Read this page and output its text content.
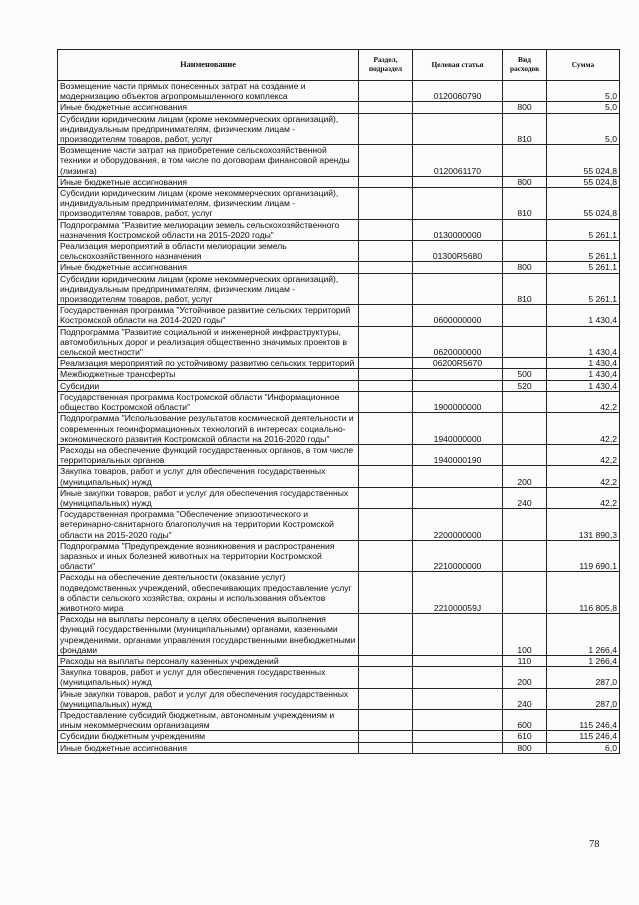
Наименование	Раздел, подраздел	Целевая статья	Вид расходов	Сумма
Возмещение части прямых понесенных затрат на создание и модернизацию объектов агропромышленного комплекса		0120060790		5,0
Иные бюджетные ассигнования			800	5,0
Субсидии юридическим лицам (кроме некоммерческих организаций), индивидуальным предпринимателям, физическим лицам - производителям товаров, работ, услуг			810	5,0
Возмещение части затрат на приобретение сельскохозяйственной техники и оборудования, в том числе по договорам финансовой аренды (лизинга)		0120061170		55 024,8
Иные бюджетные ассигнования			800	55 024,8
Субсидии юридическим лицам (кроме некоммерческих организаций), индивидуальным предпринимателям, физическим лицам - производителям товаров, работ, услуг			810	55 024,8
Подпрограмма "Развитие мелиорации земель сельскохозяйственного назначения Костромской области на 2015-2020 годы"		0130000000		5 261,1
Реализация мероприятий в области мелиорации земель сельскохозяйственного назначения		01300R5680		5 261,1
Иные бюджетные ассигнования			800	5 261,1
Субсидии юридическим лицам (кроме некоммерческих организаций), индивидуальным предпринимателям, физическим лицам - производителям товаров, работ, услуг			810	5 261,1
Государственная программа "Устойчивое развитие сельских территорий Костромской области на 2014-2020 годы"		0600000000		1 430,4
Подпрограмма "Развитие социальной и инженерной инфраструктуры, автомобильных дорог и реализация общественно значимых проектов в сельской местности"		0620000000		1 430,4
Реализация мероприятий по устойчивому развитию сельских территорий		06200R5670		1 430,4
Межбюджетные трансферты			500	1 430,4
Субсидии			520	1 430,4
Государственная программа Костромской области "Информационное общество Костромской области"		1900000000		42,2
Подпрограмма "Использование результатов космической деятельности и современных геоинформационных технологий в интересах социально-экономического развития Костромской области на 2016-2020 годы"		1940000000		42,2
Расходы на обеспечение функций государственных органов, в том числе территориальных органов		1940000190		42,2
Закупка товаров, работ и услуг для обеспечения государственных (муниципальных) нужд			200	42,2
Иные закупки товаров, работ и услуг для обеспечения государственных (муниципальных) нужд			240	42,2
Государственная программа "Обеспечение эпизоотического и ветеринарно-санитарного благополучия на территории Костромской области на 2015-2020 годы"		2200000000		131 890,3
Подпрограмма "Предупреждение возникновения и распространения заразных и иных болезней животных на территории Костромской области"		2210000000		119 690,1
Расходы на обеспечение деятельности (оказание услуг) подведомственных учреждений, обеспечивающих предоставление услуг в области сельского хозяйства, охраны и использования объектов животного мира		221000059J		116 805,8
Расходы на выплаты персоналу в целях обеспечения выполнения функций государственными (муниципальными) органами, казенными учреждениями, органами управления государственными внебюджетными фондами			100	1 266,4
Расходы на выплаты персоналу казенных учреждений			110	1 266,4
Закупка товаров, работ и услуг для обеспечения государственных (муниципальных) нужд			200	287,0
Иные закупки товаров, работ и услуг для обеспечения государственных (муниципальных) нужд			240	287,0
Предоставление субсидий бюджетным, автономным учреждениям и иным некоммерческим организациям			600	115 246,4
Субсидии бюджетным учреждениям			610	115 246,4
Иные бюджетные ассигнования			800	6,0
78
